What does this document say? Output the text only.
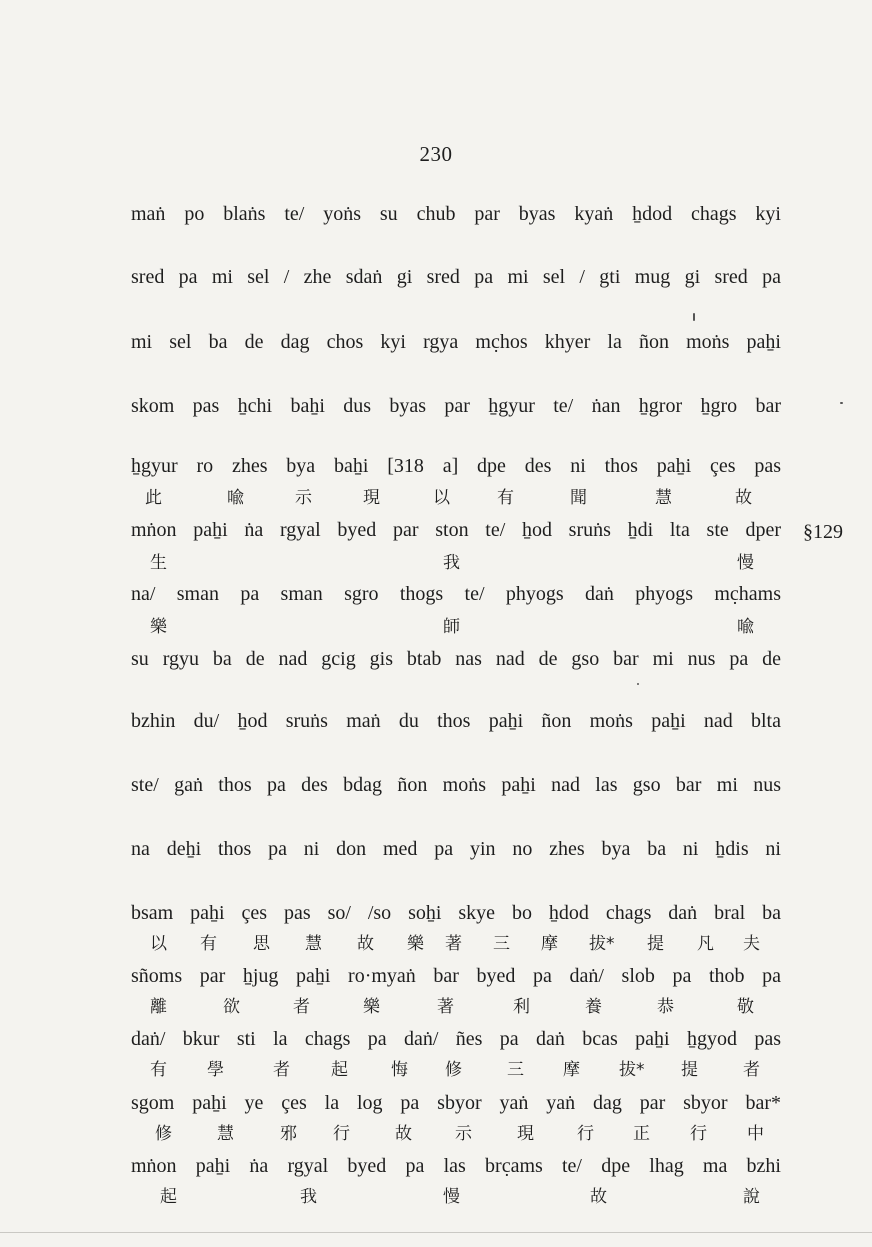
230
maṅ po blaṅs te/ yoṅs su chub par byas kyaṅ ẖdod chags kyi
sred pa mi sel / zhe sdaṅ gi sred pa mi sel / gti mug gi sred pa
mi sel ba de dag chos kyi rgya mc̣hos khyer la ñon moṅs paẖi
skom pas ẖchi baẖi dus byas par ẖgyur te/ ṅan ẖgror ẖgro bar
ẖgyur ro zhes bya baẖi [318 a] dpe des ni thos paẖi çes pas
mṅon paẖi ṅa rgyal byed par ston te/ ẖod sruṅs ẖdi lta ste dper
na/ sman pa sman sgro thogs te/ phyogs daṅ phyogs mc̣hams
su rgyu ba de nad gcig gis btab nas nad de gso bar mi nus pa de
bzhin du/ ẖod sruṅs maṅ du thos paẖi ñon moṅs paẖi nad blta
ste/ gaṅ thos pa des bdag ñon moṅs paẖi nad las gso bar mi nus
na deẖi thos pa ni don med pa yin no zhes bya ba ni ẖdis ni
bsam paẖi çes pas so/ /so soẖi skye bo ẖdod chags daṅ bral ba
sñoms par ẖjug paẖi ro·myaṅ bar byed pa daṅ/ slob pa thob pa
daṅ/ bkur sti la chags pa daṅ/ ñes pa daṅ bcas paẖi ẖgyod pas
sgom paẖi ye çes la log pa sbyor yaṅ yaṅ dag par sbyor bar*
mṅon paẖi ṅa rgyal byed pa las brc̣ams te/ dpe lhag ma bzhi
§129
此	喩	示	現	以	有	聞	慧	故
生	我	慢
樂	師	喩
以 有 思 慧 故 樂 著 三 摩 拔* 提 凡 夫
離	欲	者	樂	著	利	養	恭	敬
有 學	者 起	悔 修	三 摩 拔* 提	者
修	慧	邪 行	故	示	現	行 正 行 中
起	我	慢	故	說
